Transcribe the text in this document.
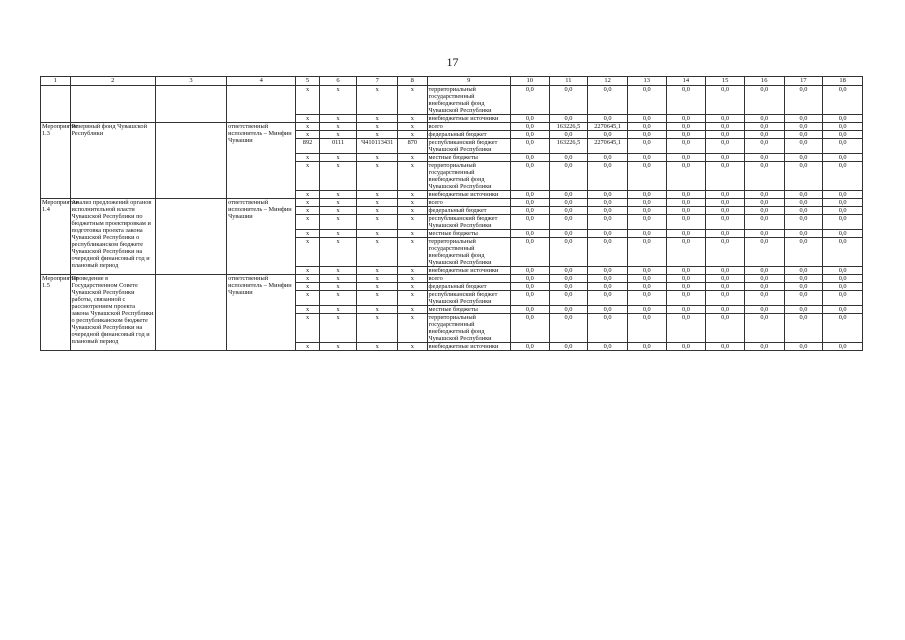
17
1	2	3	4	5	6	7	8	9	10	11	12	13	14	15	16	17	18
				x	x	x	x	территориальный государственный внебюджетный фонд Чувашской Республики	0,0	0,0	0,0	0,0	0,0	0,0	0,0	0,0	0,0
				x	x	x	x	внебюджетные источники	0,0	0,0	0,0	0,0	0,0	0,0	0,0	0,0	0,0
Мероприятие 1.3	Резервный фонд Чувашской Республики		ответственный исполнитель – Минфин Чувашии	x	x	x	x	всего	0,0	163226,5	2270645,1	0,0	0,0	0,0	0,0	0,0	0,0
				x	x	x	x	федеральный бюджет	0,0	0,0	0,0	0,0	0,0	0,0	0,0	0,0	0,0
				892	0111	Ч410113431	870	республиканский бюджет Чувашской Республики	0,0	163226,5	2270645,1	0,0	0,0	0,0	0,0	0,0	0,0
				x	x	x	x	местные бюджеты	0,0	0,0	0,0	0,0	0,0	0,0	0,0	0,0	0,0
				x	x	x	x	территориальный государственный внебюджетный фонд Чувашской Республики	0,0	0,0	0,0	0,0	0,0	0,0	0,0	0,0	0,0
				x	x	x	x	внебюджетные источники	0,0	0,0	0,0	0,0	0,0	0,0	0,0	0,0	0,0
Мероприятие 1.4	Анализ предложений органов исполнительной власти Чувашской Республики по бюджетным проектировкам и подготовка проекта закона Чувашской Республики о республиканском бюджете Чувашской Республики на очередной финансовый год и плановый период		ответственный исполнитель – Минфин Чувашии	x	x	x	x	всего	0,0	0,0	0,0	0,0	0,0	0,0	0,0	0,0	0,0
				x	x	x	x	федеральный бюджет	0,0	0,0	0,0	0,0	0,0	0,0	0,0	0,0	0,0
				x	x	x	x	республиканский бюджет Чувашской Республики	0,0	0,0	0,0	0,0	0,0	0,0	0,0	0,0	0,0
				x	x	x	x	местные бюджеты	0,0	0,0	0,0	0,0	0,0	0,0	0,0	0,0	0,0
				x	x	x	x	территориальный государственный внебюджетный фонд Чувашской Республики	0,0	0,0	0,0	0,0	0,0	0,0	0,0	0,0	0,0
				x	x	x	x	внебюджетные источники	0,0	0,0	0,0	0,0	0,0	0,0	0,0	0,0	0,0
Мероприятие 1.5	Проведение в Государственном Совете Чувашской Республики работы, связанной с рассмотрением проекта закона Чувашской Республики о республиканском бюджете Чувашской Республики на очередной финансовый год и плановый период		ответственный исполнитель – Минфин Чувашии	x	x	x	x	всего	0,0	0,0	0,0	0,0	0,0	0,0	0,0	0,0	0,0
				x	x	x	x	федеральный бюджет	0,0	0,0	0,0	0,0	0,0	0,0	0,0	0,0	0,0
				x	x	x	x	республиканский бюджет Чувашской Республики	0,0	0,0	0,0	0,0	0,0	0,0	0,0	0,0	0,0
				x	x	x	x	местные бюджеты	0,0	0,0	0,0	0,0	0,0	0,0	0,0	0,0	0,0
				x	x	x	x	территориальный государственный внебюджетный фонд Чувашской Республики	0,0	0,0	0,0	0,0	0,0	0,0	0,0	0,0	0,0
				x	x	x	x	внебюджетные источники	0,0	0,0	0,0	0,0	0,0	0,0	0,0	0,0	0,0
